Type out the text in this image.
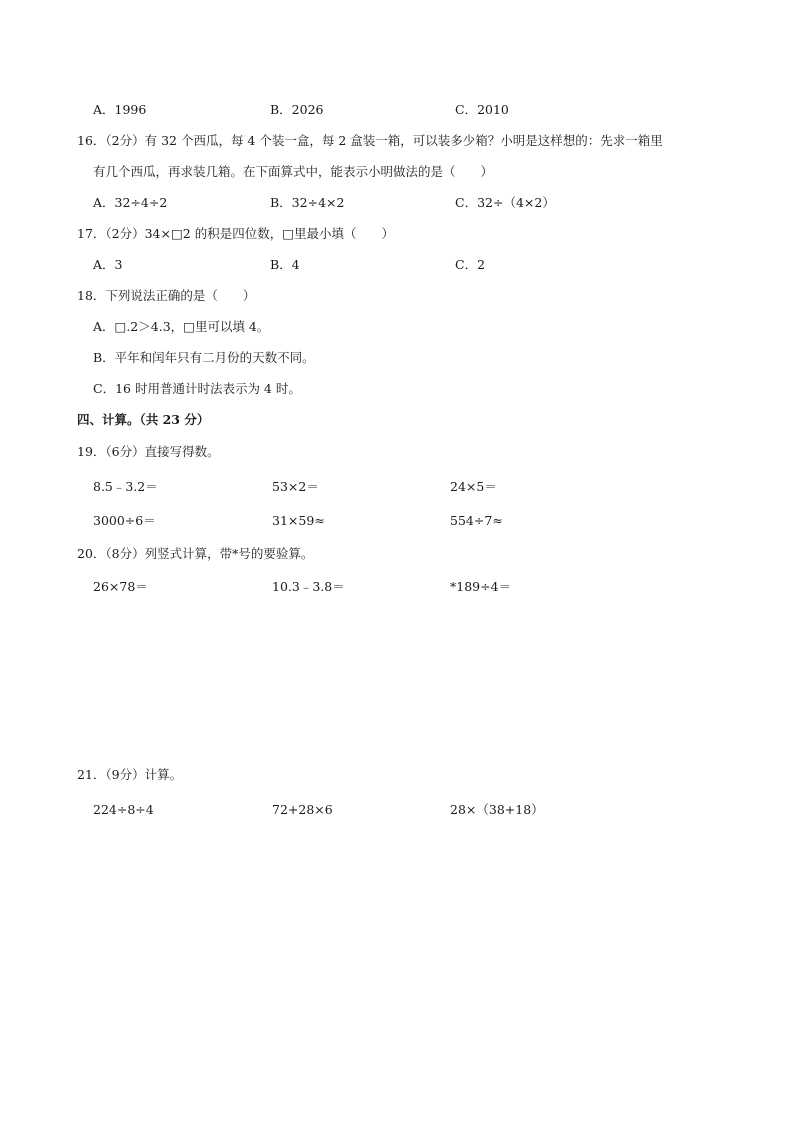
A．1996	B．2026	C．2010
16．（2分）有 32 个西瓜，每 4 个装一盒，每 2 盒装一箱，可以装多少箱？小明是这样想的：先求一箱里
有几个西瓜，再求装几箱。在下面算式中，能表示小明做法的是（　　）
A．32÷4÷2	B．32÷4×2	C．32÷（4×2）
17．（2分）34×□2 的积是四位数，□里最小填（　　）
A．3	B．4	C．2
18．下列说法正确的是（　　）
A．□.2＞4.3，□里可以填 4。
B．平年和闰年只有二月份的天数不同。
C．16 时用普通计时法表示为 4 时。
四、计算。（共 23 分）
19．（6分）直接写得数。
8.5﹣3.2＝	53×2＝	24×5＝
3000÷6＝	31×59≈	554÷7≈
20．（8分）列竖式计算，带*号的要验算。
26×78＝	10.3﹣3.8＝	*189÷4＝
21．（9分）计算。
224÷8÷4	72+28×6	28×（38+18）
